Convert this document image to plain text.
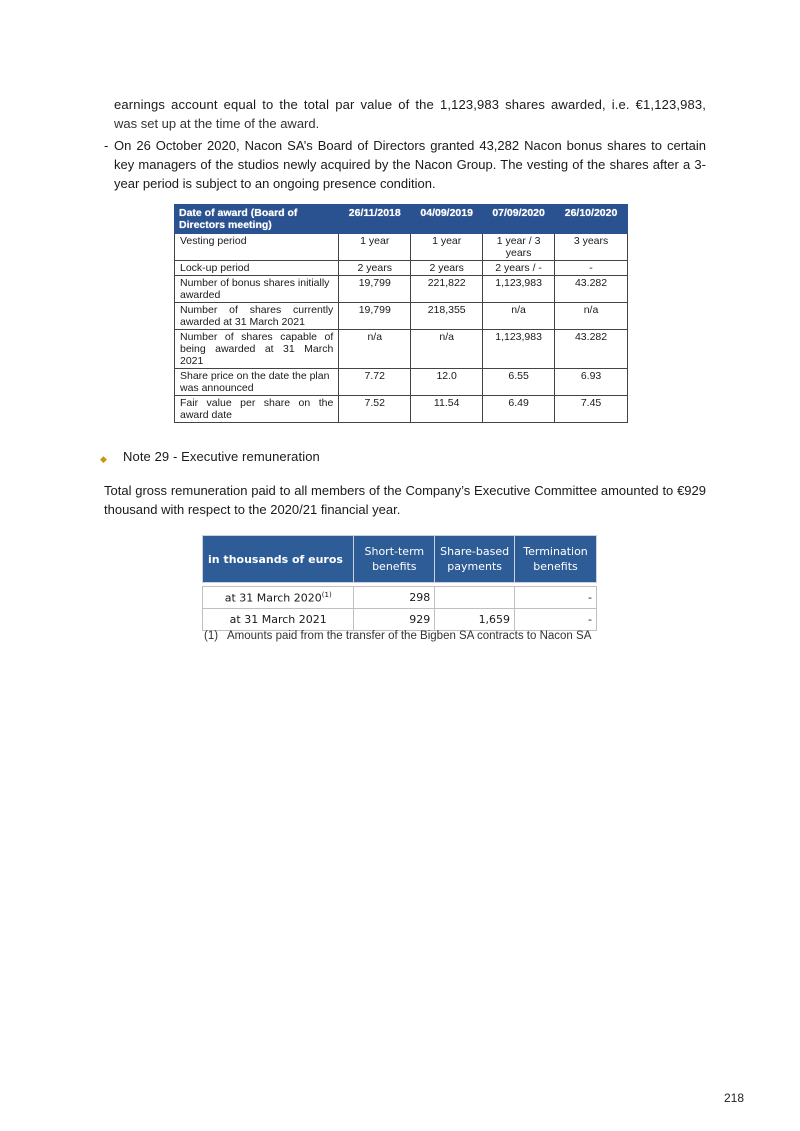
earnings account equal to the total par value of the 1,123,983 shares awarded, i.e. €1,123,983,
was set up at the time of the award.
- On 26 October 2020, Nacon SA’s Board of Directors granted 43,282 Nacon bonus shares to certain key managers of the studios newly acquired by the Nacon Group. The vesting of the shares after a 3-year period is subject to an ongoing presence condition.
Date of award (Board of Directors meeting)	26/11/2018	04/09/2019	07/09/2020	26/10/2020
Vesting period	1 year	1 year	1 year / 3 years	3 years
Lock-up period	2 years	2 years	2 years / -	-
Number of bonus shares initially awarded	19,799	221,822	1,123,983	43.282
Number of shares currently awarded at 31 March 2021	19,799	218,355	n/a	n/a
Number of shares capable of being awarded at 31 March 2021	n/a	n/a	1,123,983	43.282
Share price on the date the plan was announced	7.72	12.0	6.55	6.93
Fair value per share on the award date	7.52	11.54	6.49	7.45
◆ Note 29 - Executive remuneration
Total gross remuneration paid to all members of the Company’s Executive Committee amounted to €929 thousand with respect to the 2020/21 financial year.
in thousands of euros	Short-term benefits	Share-based payments	Termination benefits

at 31 March 2020$^{(1)}$	298		-
at 31 March 2021	929	1,659	-
(1)   Amounts paid from the transfer of the Bigben SA contracts to Nacon SA
218
